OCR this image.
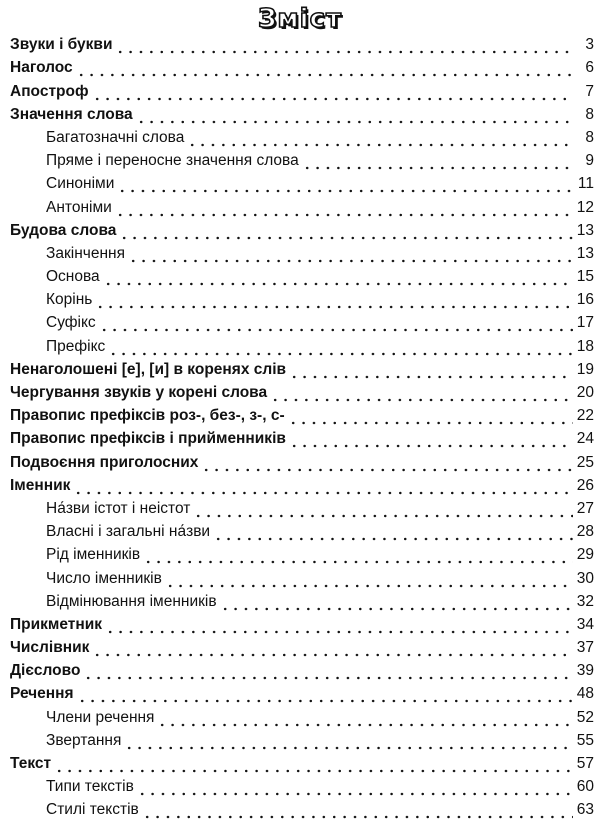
Зміст
Звуки і букви	3
Наголос	6
Апостроф	7
Значення слова	8
Багатозначні слова	8
Пряме і переносне значення слова	9
Синоніми	11
Антоніми	12
Будова слова	13
Закінчення	13
Основа	15
Корінь	16
Суфікс	17
Префікс	18
Ненаголошені [е], [и] в коренях слів	19
Чергування звуків у корені слова	20
Правопис префіксів роз-, без-, з-, с-	22
Правопис префіксів і прийменників	24
Подвоєння приголосних	25
Іменник	26
На́зви істот і неістот	27
Власні і загальні на́зви	28
Рід іменників	29
Число іменників	30
Відмінювання іменників	32
Прикметник	34
Числівник	37
Дієслово	39
Речення	48
Члени речення	52
Звертання	55
Текст	57
Типи текстів	60
Стилі текстів	63
